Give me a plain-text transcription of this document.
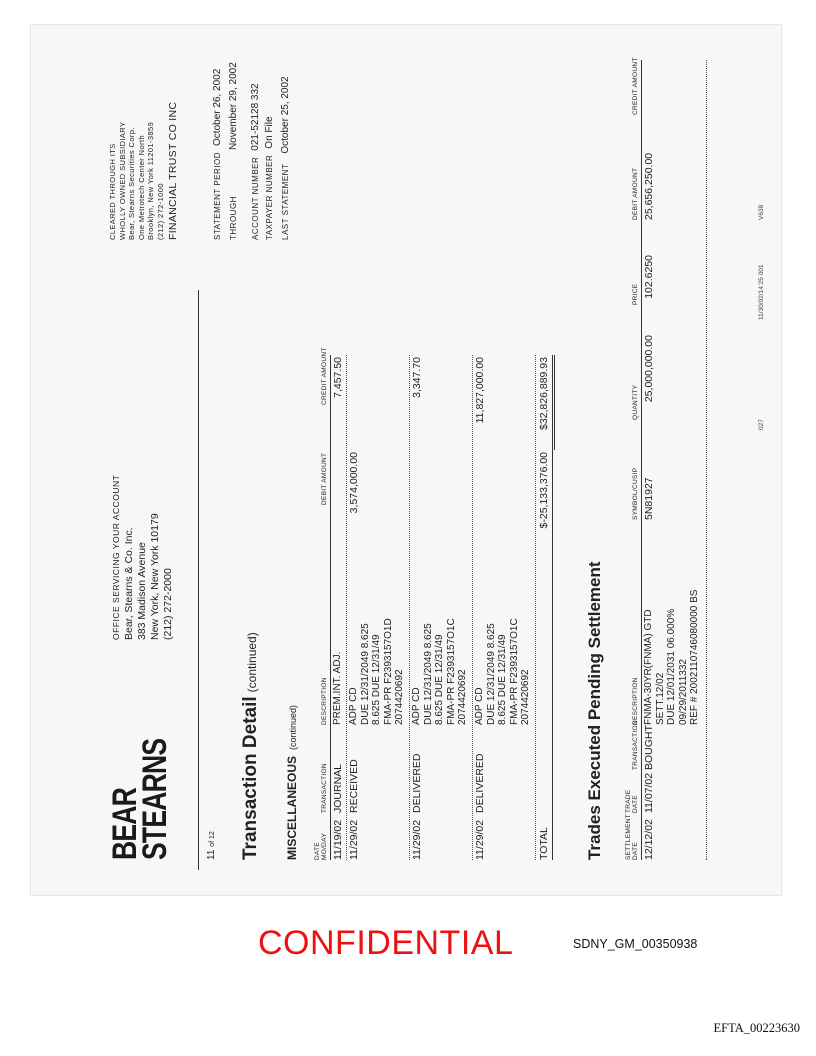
BEAR
STEARNS
OFFICE SERVICING YOUR ACCOUNT Bear, Stearns & Co. Inc. 383 Madison Avenue New York, New York 10179 (212) 272-2000
CLEARED THROUGH ITS WHOLLY OWNED SUBSIDIARY Bear, Stearns Securities Corp. One Metrotech Center North Brooklyn, New York 11201-3859 (212) 272-1000 FINANCIAL TRUST CO INC
11 of 12
STATEMENT PERIODOctober 26, 2002
THROUGHNovember 29, 2002
ACCOUNT NUMBER021-52128 332
TAXPAYER NUMBEROn File
LAST STATEMENTOctober 25, 2002
Transaction Detail(continued)
MISCELLANEOUS(continued)
DATE MO/DAY
TRANSACTION
DESCRIPTION
DEBIT AMOUNT
CREDIT AMOUNT
11/19/02
JOURNAL
PREM.INT. ADJ.
7,457.50
11/29/02
RECEIVED
ADP CD DUE 12/31/2049 8.625 8.625 DUE 12/31/49 FMA-PR F2393157O1D 2074420692
3,574,000.00
11/29/02
DELIVERED
ADP CD DUE 12/31/2049 8.625 8.625 DUE 12/31/49 FMA-PR F2393157O1C 2074420692
3,347.70
11/29/02
DELIVERED
ADP CD DUE 12/31/2049 8.625 8.625 DUE 12/31/49 FMA-PR F2393157O1C 2074420692
11,827,000.00
TOTAL
$-25,133,376.00
$32,826,889.93
Trades Executed Pending Settlement	SETTLEMENT DATE
TRADE DATE
TRANSACTION
DESCRIPTION
SYMBOL/CUSIP
QUANTITY
PRICE
DEBIT AMOUNT
CREDIT AMOUNT
12/12/02
11/07/02
BOUGHT
FNMA-30YR(FNMA) GTD SETT.12/02 DUE 12/01/2031 06.000% 09/29/2011332 REF # 2002110746080000 BS
5N81927
25,000,000.00
102.6250
25,656,250.00
027
11/30/02/14:25 001
V638
CONFIDENTIAL	SDNY_GM_00350938
EFTA_00223630
